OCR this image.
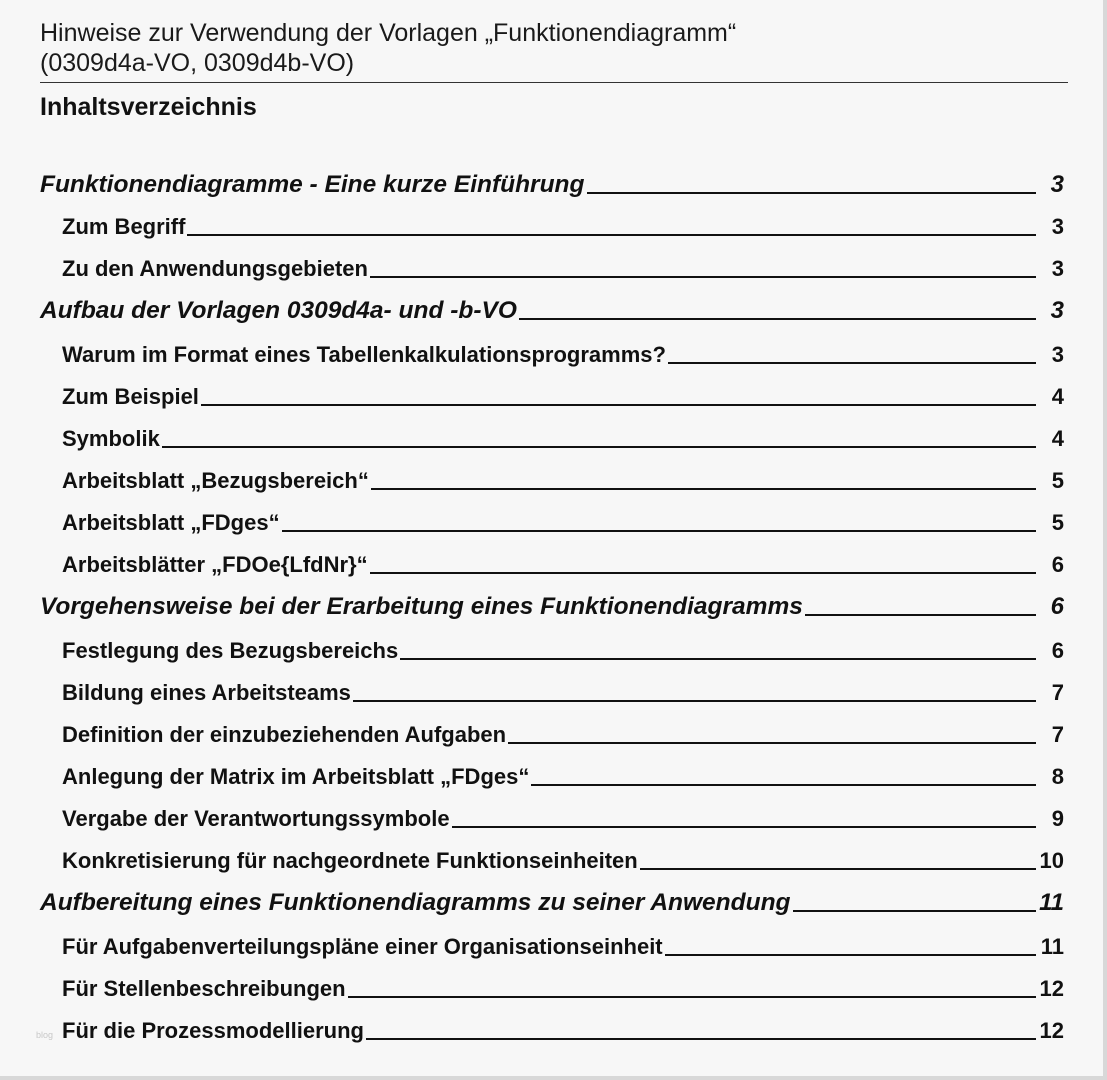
Hinweise zur Verwendung der Vorlagen „Funktionendiagramm“
(0309d4a-VO, 0309d4b-VO)
Inhaltsverzeichnis
Funktionendiagramme - Eine kurze Einführung	3
Zum Begriff	3
Zu den Anwendungsgebieten	3
Aufbau der Vorlagen 0309d4a- und -b-VO	3
Warum im Format eines Tabellenkalkulationsprogramms?	3
Zum Beispiel	4
Symbolik	4
Arbeitsblatt „Bezugsbereich“	5
Arbeitsblatt „FDges“	5
Arbeitsblätter „FDOe{LfdNr}“	6
Vorgehensweise bei der Erarbeitung eines Funktionendiagramms	6
Festlegung des Bezugsbereichs	6
Bildung eines Arbeitsteams	7
Definition der einzubeziehenden Aufgaben	7
Anlegung der Matrix im Arbeitsblatt „FDges“	8
Vergabe der Verantwortungssymbole	9
Konkretisierung für nachgeordnete Funktionseinheiten	10
Aufbereitung eines Funktionendiagramms zu seiner Anwendung	11
Für Aufgabenverteilungspläne einer Organisationseinheit	11
Für Stellenbeschreibungen	12
Für die Prozessmodellierung	12
blog
